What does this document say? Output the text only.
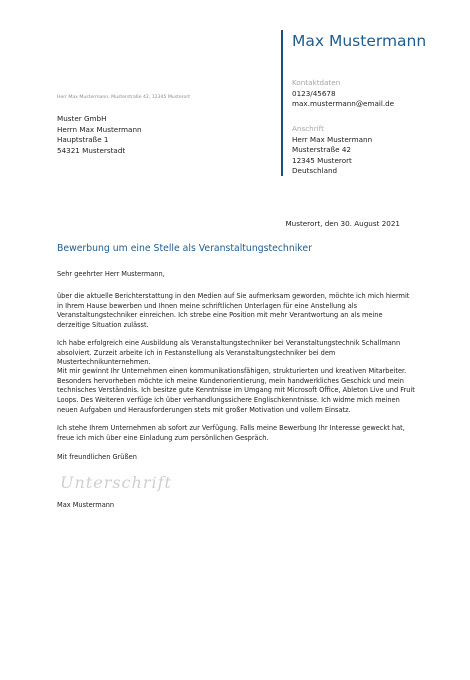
Max Mustermann
Kontaktdaten
0123/45678
max.mustermann@email.de
Anschrift
Herr Max Mustermann
Musterstraße 42
12345 Musterort
Deutschland
Herr Max Mustermann, Musterstraße 42, 12345 Musterort
Muster GmbH
Herrn Max Mustermann
Hauptstraße 1
54321 Musterstadt
Musterort, den 30. August 2021
Bewerbung um eine Stelle als Veranstaltungstechniker

Sehr geehrter Herr Mustermann,

über die aktuelle Berichterstattung in den Medien auf Sie aufmerksam geworden, möchte ich mich hiermit in Ihrem Hause bewerben und Ihnen meine schriftlichen Unterlagen für eine Anstellung als Veranstaltungstechniker einreichen. Ich strebe eine Position mit mehr Verantwortung an als meine derzeitige Situation zulässt.

Ich habe erfolgreich eine Ausbildung als Veranstaltungstechniker bei Veranstaltungstechnik Schallmann absolviert. Zurzeit arbeite ich in Festanstellung als Veranstaltungstechniker bei dem Mustertechnikunternehmen.

Mit mir gewinnt Ihr Unternehmen einen kommunikationsfähigen, strukturierten und kreativen Mitarbeiter. Besonders hervorheben möchte ich meine Kundenorientierung, mein handwerkliches Geschick und mein technisches Verständnis. Ich besitze gute Kenntnisse im Umgang mit Microsoft Office, Ableton Live und Fruit Loops. Des Weiteren verfüge ich über verhandlungssichere Englischkenntnisse. Ich widme mich meinen neuen Aufgaben und Herausforderungen stets mit großer Motivation und vollem Einsatz.

Ich stehe Ihrem Unternehmen ab sofort zur Verfügung. Falls meine Bewerbung Ihr Interesse geweckt hat, freue ich mich über eine Einladung zum persönlichen Gespräch.

Mit freundlichen Grüßen

Unterschrift
Max Mustermann
